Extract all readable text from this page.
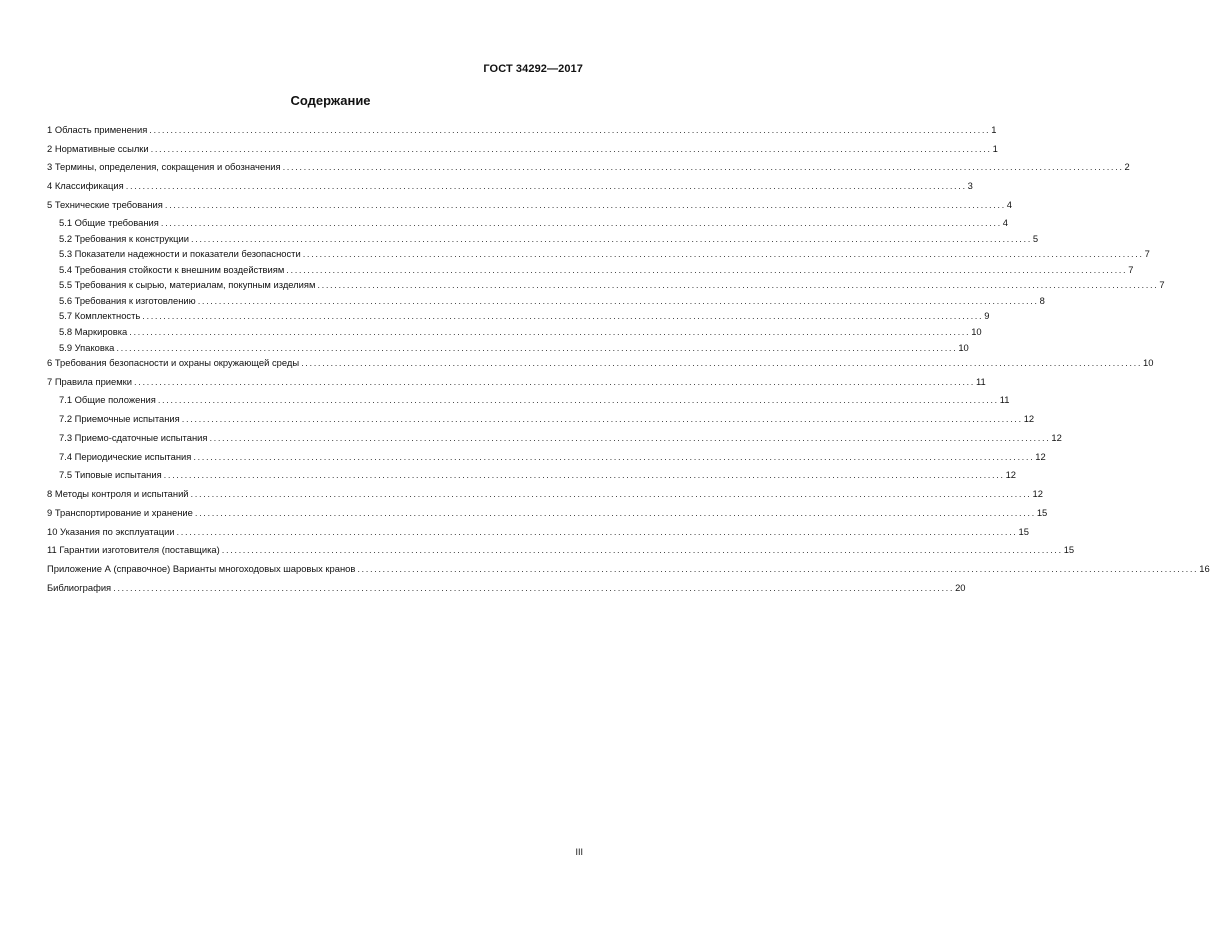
ГОСТ 34292—2017
Содержание
1 Область применения ........................................................................................................................................................................................................ 1
2 Нормативные ссылки ........................................................................................................................................................................................................ 1
3 Термины, определения, сокращения и обозначения ........................................................................................................................................................................................................ 2
4 Классификация ........................................................................................................................................................................................................ 3
5 Технические требования ........................................................................................................................................................................................................ 4
5.1 Общие требования ........................................................................................................................................................................................................ 4
5.2 Требования к конструкции ........................................................................................................................................................................................................ 5
5.3 Показатели надежности и показатели безопасности ........................................................................................................................................................................................................ 7
5.4 Требования стойкости к внешним воздействиям ........................................................................................................................................................................................................ 7
5.5 Требования к сырью, материалам, покупным изделиям ........................................................................................................................................................................................................ 7
5.6 Требования к изготовлению ........................................................................................................................................................................................................ 8
5.7 Комплектность ........................................................................................................................................................................................................ 9
5.8 Маркировка ........................................................................................................................................................................................................ 10
5.9 Упаковка ........................................................................................................................................................................................................ 10
6 Требования безопасности и охраны окружающей среды ........................................................................................................................................................................................................ 10
7 Правила приемки ........................................................................................................................................................................................................ 11
7.1 Общие положения ........................................................................................................................................................................................................ 11
7.2 Приемочные испытания ........................................................................................................................................................................................................ 12
7.3 Приемо-сдаточные испытания ........................................................................................................................................................................................................ 12
7.4 Периодические испытания ........................................................................................................................................................................................................ 12
7.5 Типовые испытания ........................................................................................................................................................................................................ 12
8 Методы контроля и испытаний ........................................................................................................................................................................................................ 12
9 Транспортирование и хранение ........................................................................................................................................................................................................ 15
10 Указания по эксплуатации ........................................................................................................................................................................................................ 15
11 Гарантии изготовителя (поставщика) ........................................................................................................................................................................................................ 15
Приложение А (справочное) Варианты многоходовых шаровых кранов ........................................................................................................................................................................................................ 16
Библиография ........................................................................................................................................................................................................ 20
III
